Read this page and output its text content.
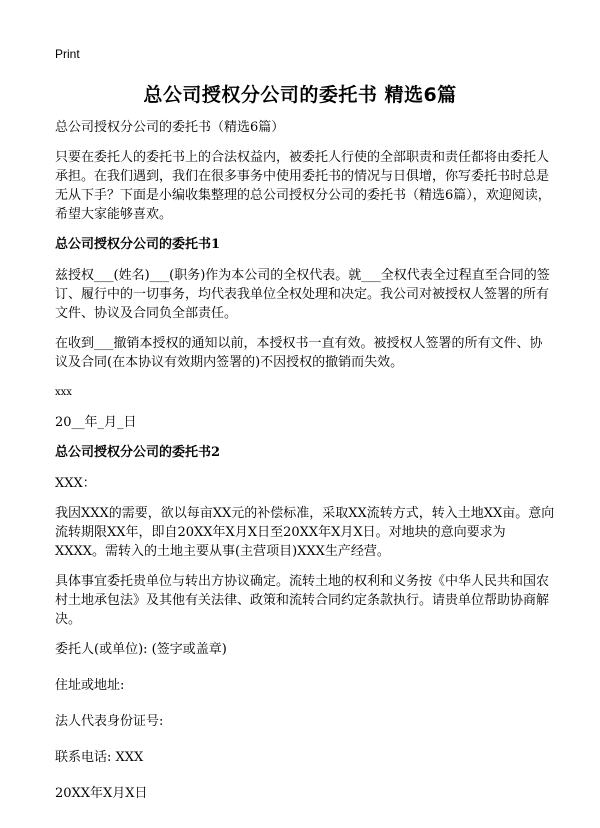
Print
总公司授权分公司的委托书 精选6篇

总公司授权分公司的委托书（精选6篇）

只要在委托人的委托书上的合法权益内，被委托人行使的全部职责和责任都将由委托人承担。在我们遇到，我们在很多事务中使用委托书的情况与日俱增，你写委托书时总是无从下手？下面是小编收集整理的总公司授权分公司的委托书（精选6篇），欢迎阅读，希望大家能够喜欢。

总公司授权分公司的委托书1

兹授权___(姓名)___(职务)作为本公司的全权代表。就___全权代表全过程直至合同的签订、履行中的一切事务，均代表我单位全权处理和决定。我公司对被授权人签署的所有文件、协议及合同负全部责任。

在收到___撤销本授权的通知以前，本授权书一直有效。被授权人签署的所有文件、协议及合同(在本协议有效期内签署的)不因授权的撤销而失效。

xxx

20__年_月_日

总公司授权分公司的委托书2

XXX：

我因XXX的需要，欲以每亩XX元的补偿标准，采取XX流转方式，转入土地XX亩。意向流转期限XX年，即自20XX年X月X日至20XX年X月X日。对地块的意向要求为XXXX。需转入的土地主要从事(主营项目)XXX生产经营。

具体事宜委托贵单位与转出方协议确定。流转土地的权利和义务按《中华人民共和国农村土地承包法》及其他有关法律、政策和流转合同约定条款执行。请贵单位帮助协商解决。

委托人(或单位): (签字或盖章)

住址或地址:

法人代表身份证号:

联系电话: XXX

20XX年X月X日
